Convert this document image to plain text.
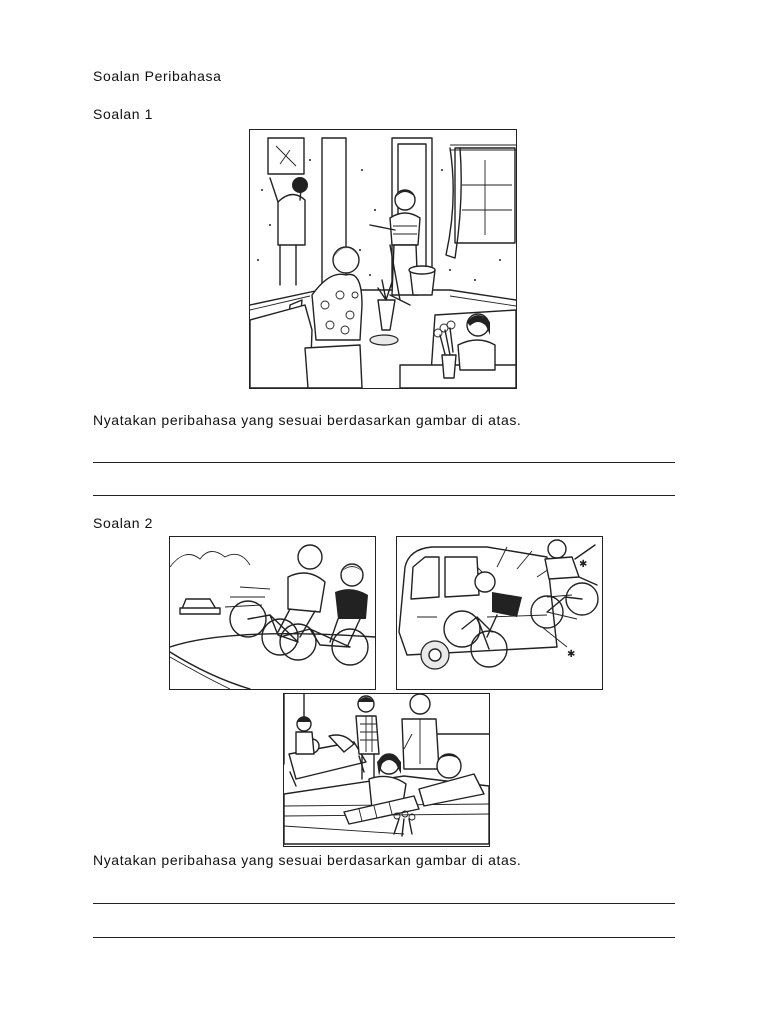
Soalan Peribahasa
Soalan 1
Nyatakan peribahasa yang sesuai berdasarkan gambar di atas.
Soalan 2
✱
✱
Nyatakan peribahasa yang sesuai berdasarkan gambar di atas.
